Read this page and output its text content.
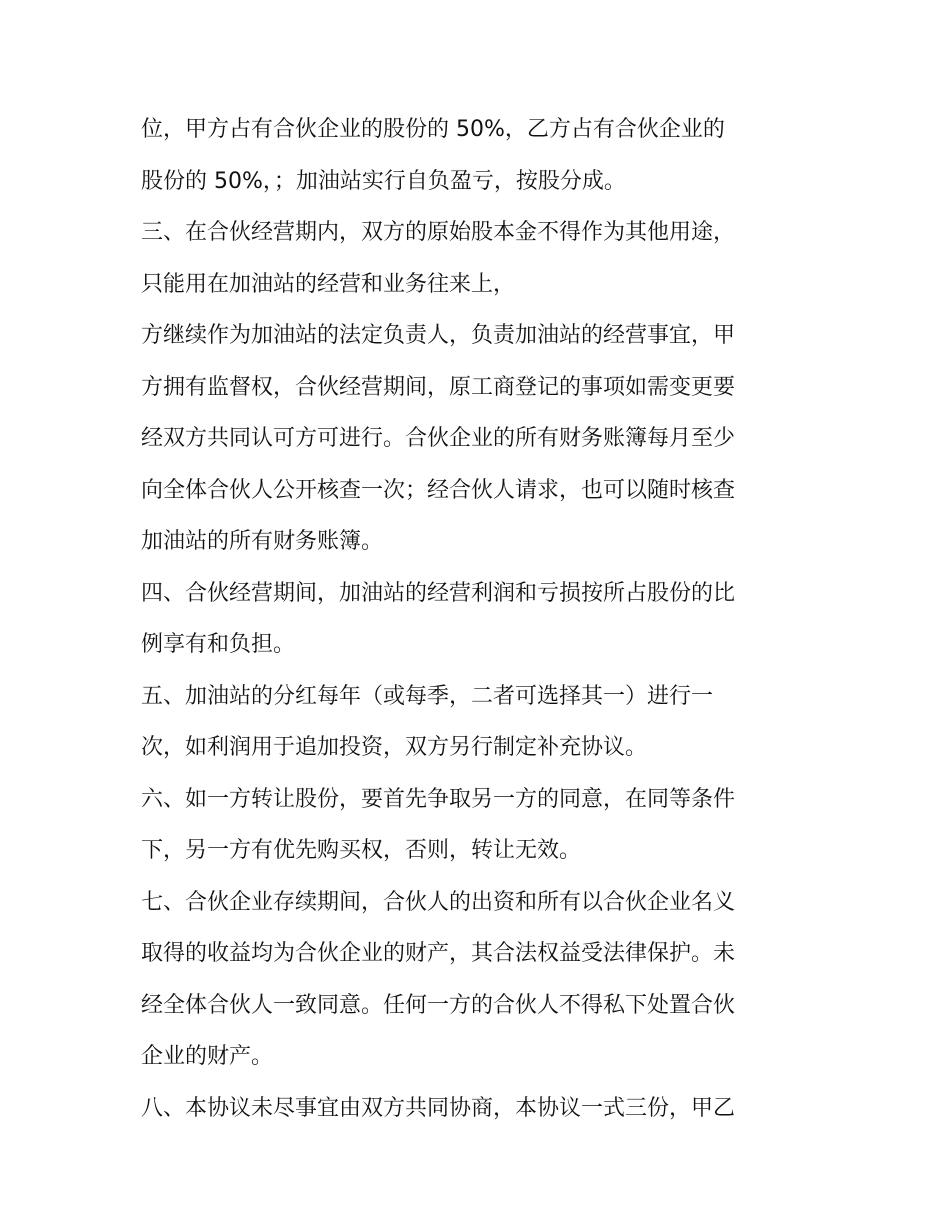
位，甲方占有合伙企业的股份的 50%，乙方占有合伙企业的
股份的 50%，；加油站实行自负盈亏，按股分成。
三、在合伙经营期内，双方的原始股本金不得作为其他用途，
只能用在加油站的经营和业务往来上，
方继续作为加油站的法定负责人，负责加油站的经营事宜，甲
方拥有监督权，合伙经营期间，原工商登记的事项如需变更要
经双方共同认可方可进行。合伙企业的所有财务账簿每月至少
向全体合伙人公开核查一次；经合伙人请求，也可以随时核查
加油站的所有财务账簿。
四、合伙经营期间，加油站的经营利润和亏损按所占股份的比
例享有和负担。
五、加油站的分红每年（或每季，二者可选择其一）进行一
次，如利润用于追加投资，双方另行制定补充协议。
六、如一方转让股份，要首先争取另一方的同意，在同等条件
下，另一方有优先购买权，否则，转让无效。
七、合伙企业存续期间，合伙人的出资和所有以合伙企业名义
取得的收益均为合伙企业的财产，其合法权益受法律保护。未
经全体合伙人一致同意。任何一方的合伙人不得私下处置合伙
企业的财产。
八、本协议未尽事宜由双方共同协商，本协议一式三份，甲乙
